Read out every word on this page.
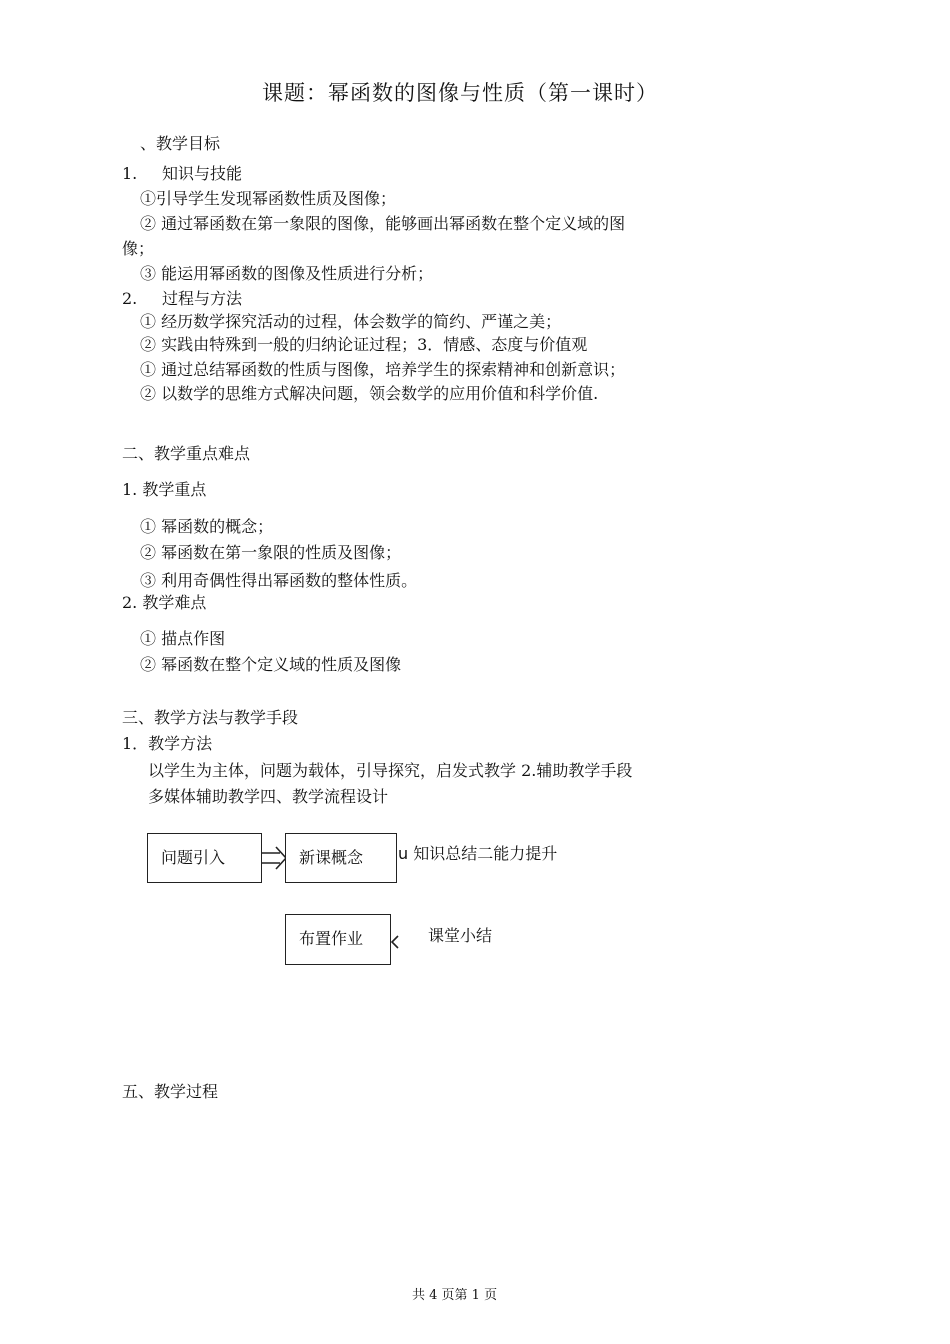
课题：幂函数的图像与性质（第一课时）
、教学目标
1. 知识与技能
①引导学生发现幂函数性质及图像；
② 通过幂函数在第一象限的图像，能够画出幂函数在整个定义域的图
像；
③ 能运用幂函数的图像及性质进行分析；
2. 过程与方法
① 经历数学探究活动的过程，体会数学的简约、严谨之美；
② 实践由特殊到一般的归纳论证过程；3．情感、态度与价值观
① 通过总结幂函数的性质与图像，培养学生的探索精神和创新意识；
② 以数学的思维方式解决问题，领会数学的应用价值和科学价值.
二、教学重点难点
1. 教学重点
① 幂函数的概念；
② 幂函数在第一象限的性质及图像；
③ 利用奇偶性得出幂函数的整体性质。
2. 教学难点
① 描点作图
② 幂函数在整个定义域的性质及图像
三、教学方法与教学手段
1．教学方法
以学生为主体，问题为载体，引导探究，启发式教学 2.辅助教学手段
多媒体辅助教学四、教学流程设计
问题引入	新课概念 u 知识总结二能力提升
布置作业	课堂小结
五、教学过程
共 4 页第 1 页
